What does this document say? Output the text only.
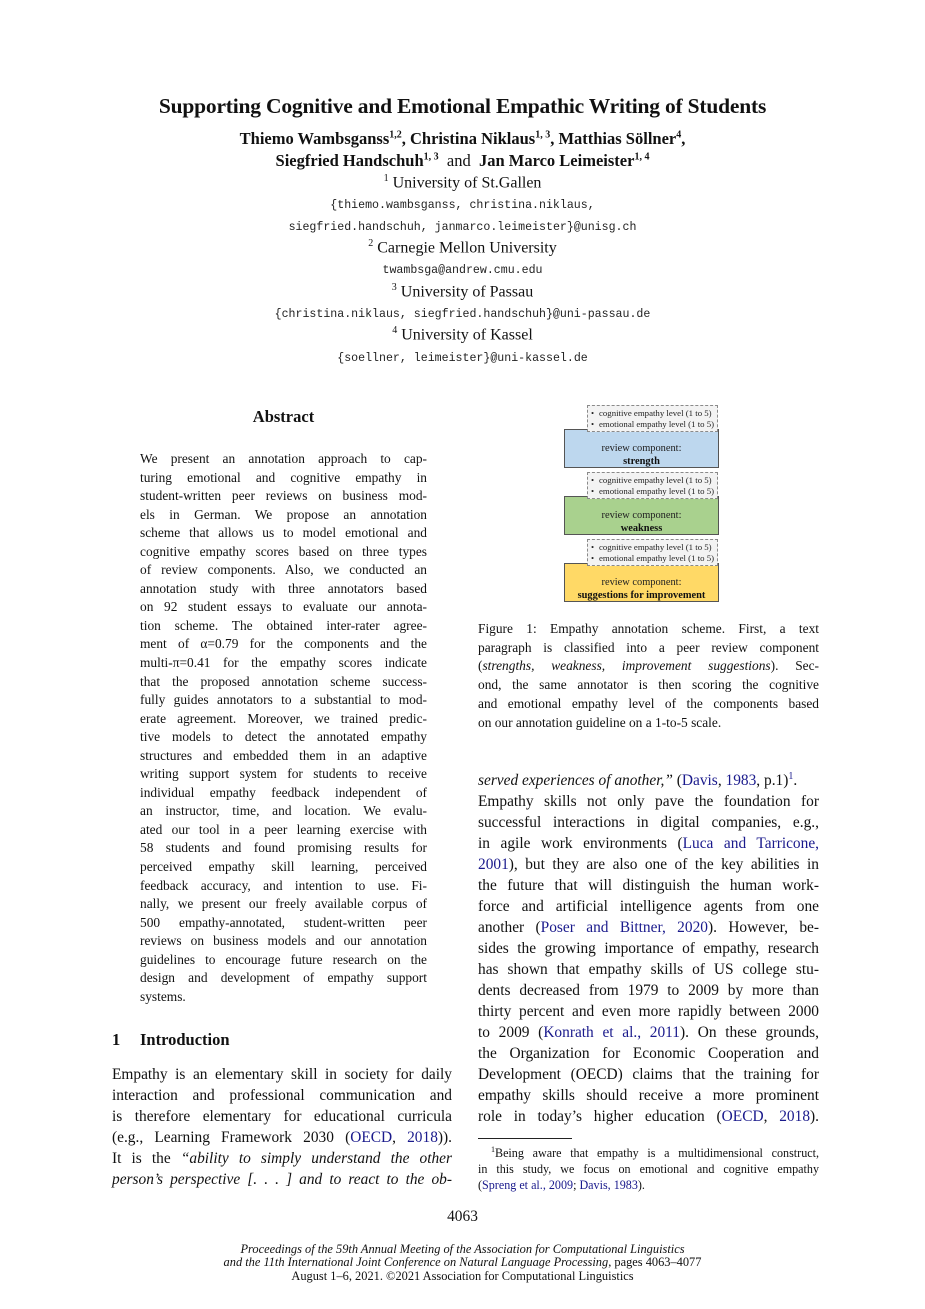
Supporting Cognitive and Emotional Empathic Writing of Students
Thiemo Wambsganss$^{1,2}$, Christina Niklaus$^{1, 3}$, Matthias Söllner$^4$,
Siegfried Handschuh$^{1, 3}$  and  Jan Marco Leimeister$^{1, 4}$
$^1$ University of St.Gallen
{thiemo.wambsganss, christina.niklaus,
siegfried.handschuh, janmarco.leimeister}@unisg.ch
$^2$ Carnegie Mellon University
twambsga@andrew.cmu.edu
$^3$ University of Passau
{christina.niklaus, siegfried.handschuh}@uni-passau.de
$^4$ University of Kassel
{soellner, leimeister}@uni-kassel.de
Abstract
We present an annotation approach to cap-
turing emotional and cognitive empathy in
student-written peer reviews on business mod-
els in German. We propose an annotation
scheme that allows us to model emotional and
cognitive empathy scores based on three types
of review components. Also, we conducted an
annotation study with three annotators based
on 92 student essays to evaluate our annota-
tion scheme. The obtained inter-rater agree-
ment of α=0.79 for the components and the
multi-π=0.41 for the empathy scores indicate
that the proposed annotation scheme success-
fully guides annotators to a substantial to mod-
erate agreement. Moreover, we trained predic-
tive models to detect the annotated empathy
structures and embedded them in an adaptive
writing support system for students to receive
individual empathy feedback independent of
an instructor, time, and location. We evalu-
ated our tool in a peer learning exercise with
58 students and found promising results for
perceived empathy skill learning, perceived
feedback accuracy, and intention to use. Fi-
nally, we present our freely available corpus of
500 empathy-annotated, student-written peer
reviews on business models and our annotation
guidelines to encourage future research on the
design and development of empathy support
systems.
review component:
strength
• cognitive empathy level (1 to 5)
• emotional empathy level (1 to 5)
review component:
weakness
• cognitive empathy level (1 to 5)
• emotional empathy level (1 to 5)
review component:
suggestions for improvement
• cognitive empathy level (1 to 5)
• emotional empathy level (1 to 5)
Figure 1: Empathy annotation scheme. First, a text
paragraph is classified into a peer review component
(strengths, weakness, improvement suggestions). Sec-
ond, the same annotator is then scoring the cognitive
and emotional empathy level of the components based
on our annotation guideline on a 1-to-5 scale.
1 Introduction
Empathy is an elementary skill in society for daily
interaction and professional communication and
is therefore elementary for educational curricula
(e.g., Learning Framework 2030 (OECD, 2018)).
It is the “ability to simply understand the other
person’s perspective [. . . ] and to react to the ob-
served experiences of another,” (Davis, 1983, p.1)$^1$.
Empathy skills not only pave the foundation for
successful interactions in digital companies, e.g.,
in agile work environments (Luca and Tarricone,
2001), but they are also one of the key abilities in
the future that will distinguish the human work-
force and artificial intelligence agents from one
another (Poser and Bittner, 2020). However, be-
sides the growing importance of empathy, research
has shown that empathy skills of US college stu-
dents decreased from 1979 to 2009 by more than
thirty percent and even more rapidly between 2000
to 2009 (Konrath et al., 2011). On these grounds,
the Organization for Economic Cooperation and
Development (OECD) claims that the training for
empathy skills should receive a more prominent
role in today’s higher education (OECD, 2018).
$^1$Being aware that empathy is a multidimensional construct,
in this study, we focus on emotional and cognitive empathy
(Spreng et al., 2009; Davis, 1983).
4063
Proceedings of the 59th Annual Meeting of the Association for Computational Linguistics
and the 11th International Joint Conference on Natural Language Processing, pages 4063–4077
August 1–6, 2021. ©2021 Association for Computational Linguistics
